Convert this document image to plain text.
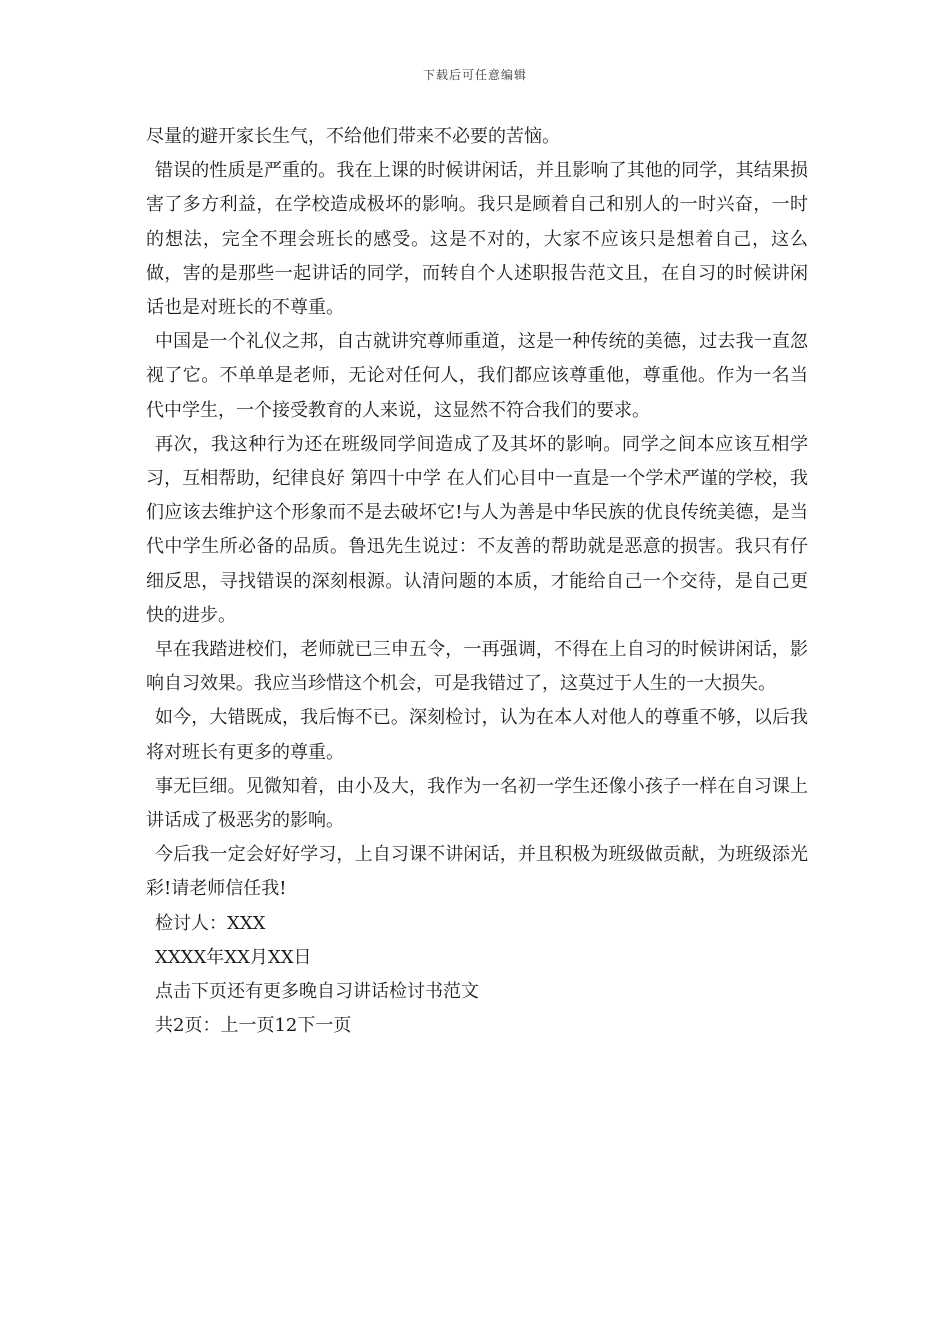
下载后可任意编辑

尽量的避开家长生气，不给他们带来不必要的苦恼。

错误的性质是严重的。我在上课的时候讲闲话，并且影响了其他的同学，其结果损害了多方利益，在学校造成极坏的影响。我只是顾着自己和别人的一时兴奋，一时的想法，完全不理会班长的感受。这是不对的，大家不应该只是想着自己，这么做，害的是那些一起讲话的同学，而转自个人述职报告范文且，在自习的时候讲闲话也是对班长的不尊重。

中国是一个礼仪之邦，自古就讲究尊师重道，这是一种传统的美德，过去我一直忽视了它。不单单是老师，无论对任何人，我们都应该尊重他，尊重他。作为一名当代中学生，一个接受教育的人来说，这显然不符合我们的要求。

再次，我这种行为还在班级同学间造成了及其坏的影响。同学之间本应该互相学习，互相帮助，纪律良好 第四十中学 在人们心目中一直是一个学术严谨的学校，我们应该去维护这个形象而不是去破坏它!与人为善是中华民族的优良传统美德，是当代中学生所必备的品质。鲁迅先生说过：不友善的帮助就是恶意的损害。我只有仔细反思，寻找错误的深刻根源。认清问题的本质，才能给自己一个交待，是自己更快的进步。

早在我踏进校们，老师就已三申五令，一再强调，不得在上自习的时候讲闲话，影响自习效果。我应当珍惜这个机会，可是我错过了，这莫过于人生的一大损失。

如今，大错既成，我后悔不已。深刻检讨，认为在本人对他人的尊重不够，以后我将对班长有更多的尊重。

事无巨细。见微知着，由小及大，我作为一名初一学生还像小孩子一样在自习课上讲话成了极恶劣的影响。

今后我一定会好好学习，上自习课不讲闲话，并且积极为班级做贡献，为班级添光彩!请老师信任我!

检讨人：XXX

XXXX年XX月XX日

点击下页还有更多晚自习讲话检讨书范文

共2页：上一页12下一页
